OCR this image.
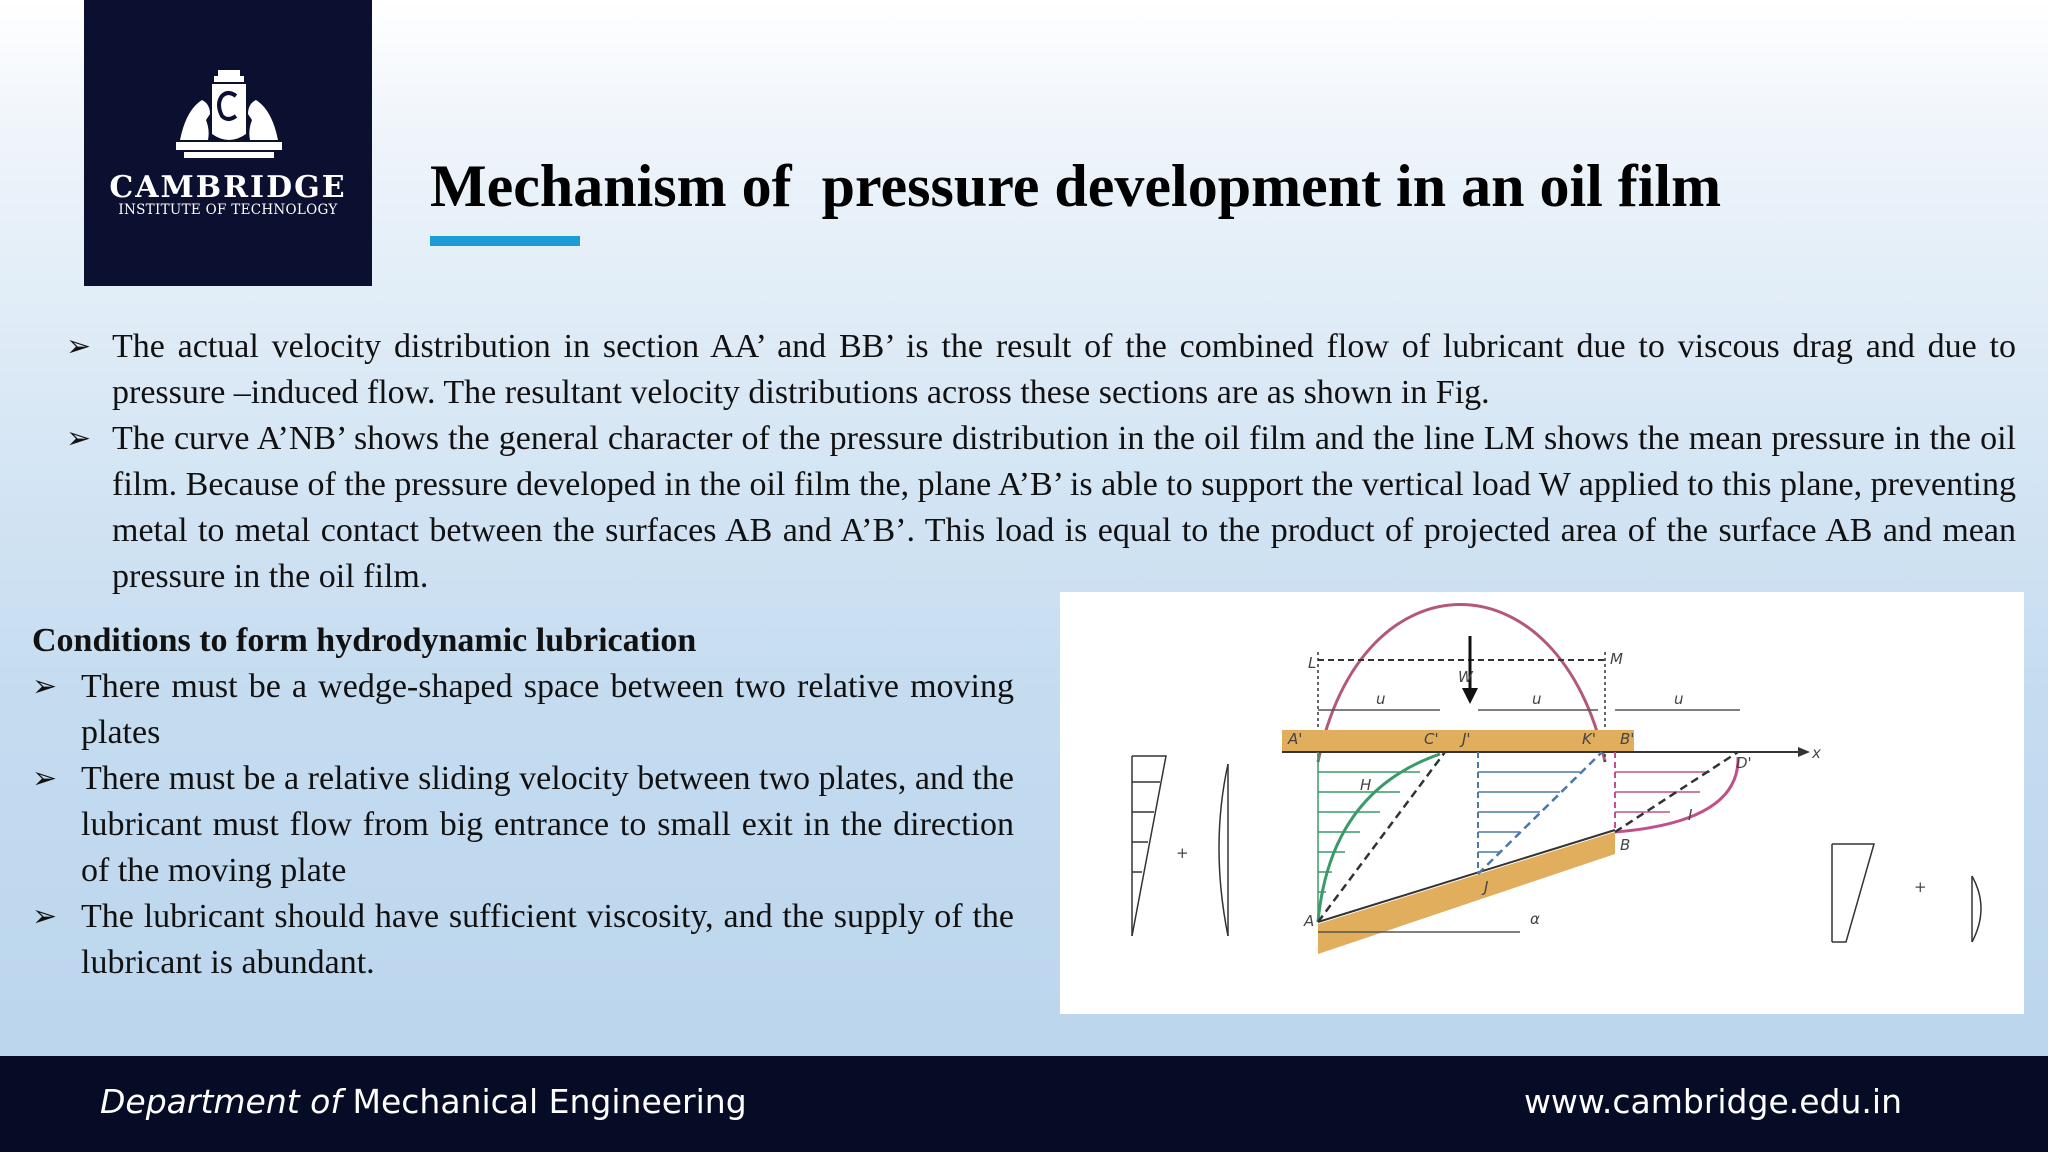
CAMBRIDGE
INSTITUTE OF TECHNOLOGY	Mechanism of  pressure development in an oil film
➢ The actual velocity distribution in section AA’ and BB’ is the result of the combined flow of lubricant due to viscous drag and due to pressure –induced flow. The resultant velocity distributions across these sections are as shown in Fig.
➢ The curve A’NB’ shows the general character of the pressure distribution in the oil film and the line LM shows the mean pressure in the oil film. Because of the pressure developed in the oil film the, plane A’B’ is able to support the vertical load W applied to this plane, preventing metal to metal contact between the surfaces AB and A’B’. This load is equal to the product of projected area of the surface AB and mean pressure in the oil film.
Conditions to form hydrodynamic lubrication
➢ There must be a wedge-shaped space between two relative moving plates
➢ There must be a relative sliding velocity between two plates, and the lubricant must flow from big entrance to small exit in the direction of the moving plate
➢ The lubricant should have sufficient viscosity, and the supply of the lubricant is abundant.
L	M
W
u	u	u
A'	C' J'	K' B'
D'
x
H
I
J
A
B
α
+
+
Department of Mechanical Engineering	www.cambridge.edu.in
